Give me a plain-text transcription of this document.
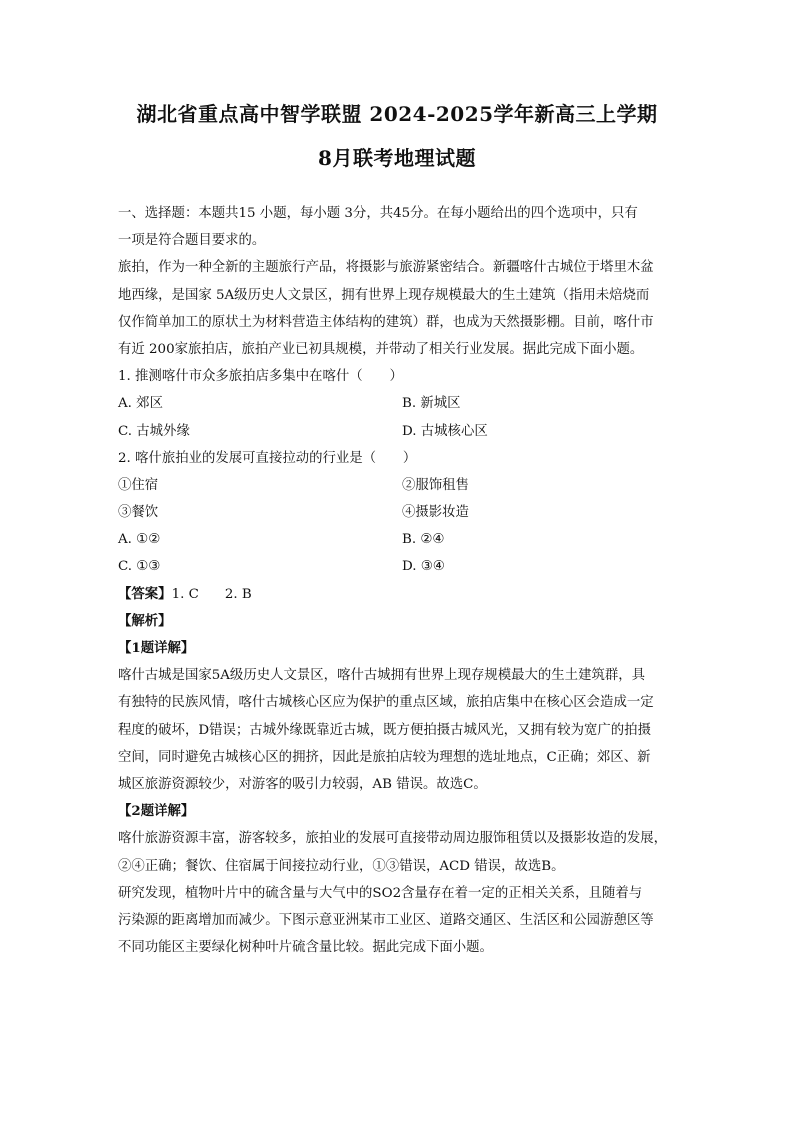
湖北省重点高中智学联盟 2024-2025学年新高三上学期
8月联考地理试题
一、选择题：本题共15 小题，每小题 3分，共45分。在每小题给出的四个选项中，只有
一项是符合题目要求的。
旅拍，作为一种全新的主题旅行产品，将摄影与旅游紧密结合。新疆喀什古城位于塔里木盆
地西缘，是国家 5A级历史人文景区，拥有世界上现存规模最大的生土建筑（指用未焙烧而
仅作简单加工的原状土为材料营造主体结构的建筑）群，也成为天然摄影棚。目前，喀什市
有近 200家旅拍店，旅拍产业已初具规模，并带动了相关行业发展。据此完成下面小题。
1. 推测喀什市众多旅拍店多集中在喀什（　　）
A. 郊区	B. 新城区
C. 古城外缘	D. 古城核心区
2. 喀什旅拍业的发展可直接拉动的行业是（　　）
①住宿	②服饰租售
③餐饮	④摄影妆造
A. ①②	B. ②④
C. ①③	D. ③④
【答案】1. C 2. B
【解析】
【1题详解】
喀什古城是国家5A级历史人文景区，喀什古城拥有世界上现存规模最大的生土建筑群，具
有独特的民族风情，喀什古城核心区应为保护的重点区域，旅拍店集中在核心区会造成一定
程度的破坏，D错误；古城外缘既靠近古城，既方便拍摄古城风光，又拥有较为宽广的拍摄
空间，同时避免古城核心区的拥挤，因此是旅拍店较为理想的选址地点，C正确；郊区、新
城区旅游资源较少，对游客的吸引力较弱，AB 错误。故选C。
【2题详解】
喀什旅游资源丰富，游客较多，旅拍业的发展可直接带动周边服饰租赁以及摄影妆造的发展，
②④正确；餐饮、住宿属于间接拉动行业，①③错误，ACD 错误，故选B。
研究发现，植物叶片中的硫含量与大气中的SO2含量存在着一定的正相关关系，且随着与
污染源的距离增加而减少。下图示意亚洲某市工业区、道路交通区、生活区和公园游憩区等
不同功能区主要绿化树种叶片硫含量比较。据此完成下面小题。
